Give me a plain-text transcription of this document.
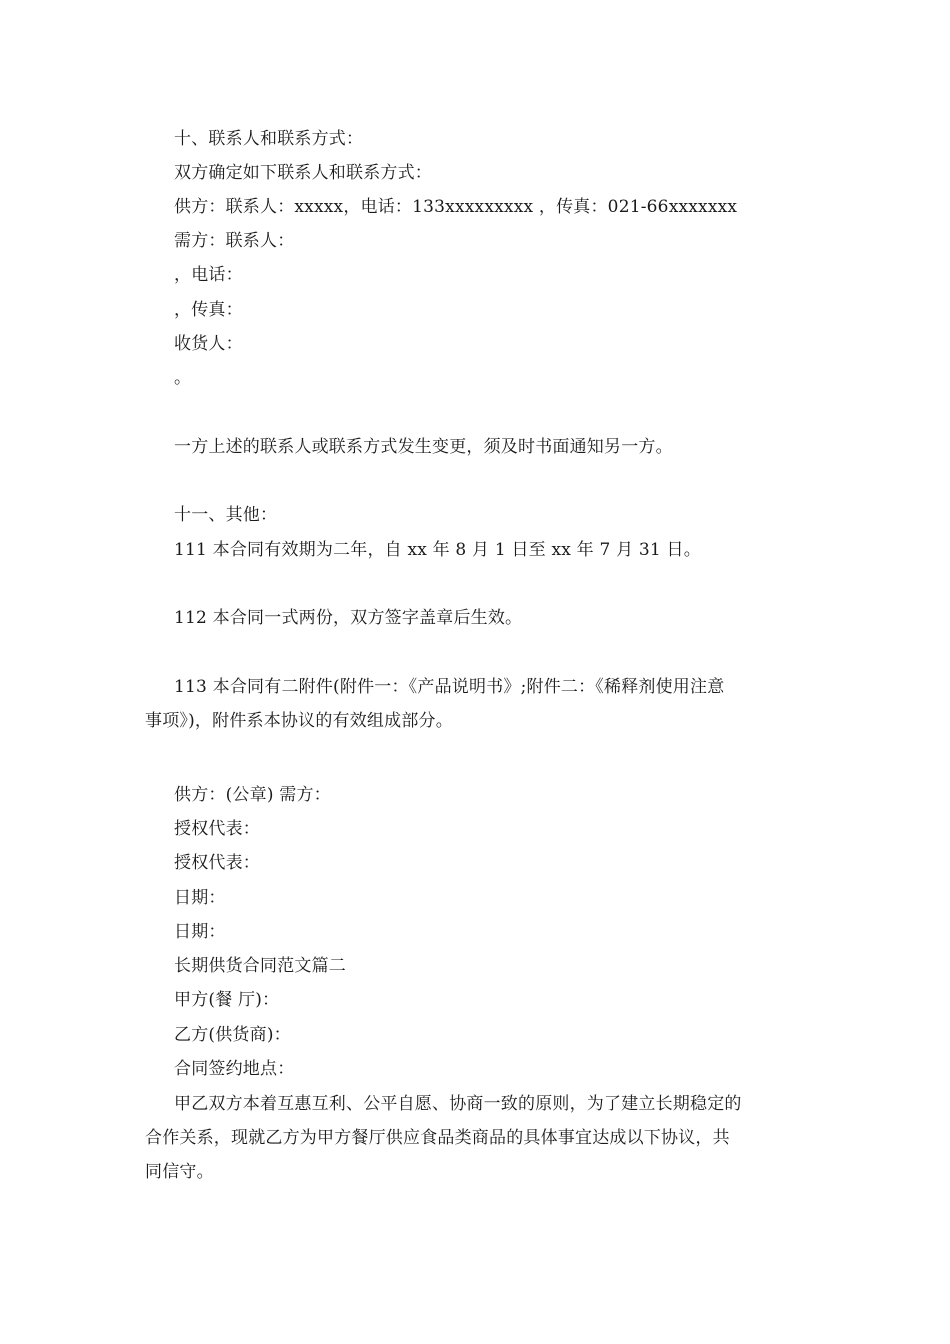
十、联系人和联系方式：
双方确定如下联系人和联系方式：
供方：联系人：xxxxx，电话：133xxxxxxxxx ，传真：021-66xxxxxxx
需方：联系人：
，电话：
，传真：
收货人：
。
一方上述的联系人或联系方式发生变更，须及时书面通知另一方。
十一、其他：
111 本合同有效期为二年，自 xx 年 8 月 1 日至 xx 年 7 月 31 日。
112 本合同一式两份，双方签字盖章后生效。
113 本合同有二附件(附件一：《产品说明书》;附件二：《稀释剂使用注意
事项》)，附件系本协议的有效组成部分。
供方：(公章) 需方：
授权代表：
授权代表：
日期：
日期：
长期供货合同范文篇二
甲方(餐 厅)：
乙方(供货商)：
合同签约地点：
甲乙双方本着互惠互利、公平自愿、协商一致的原则，为了建立长期稳定的
合作关系，现就乙方为甲方餐厅供应食品类商品的具体事宜达成以下协议，共
同信守。
